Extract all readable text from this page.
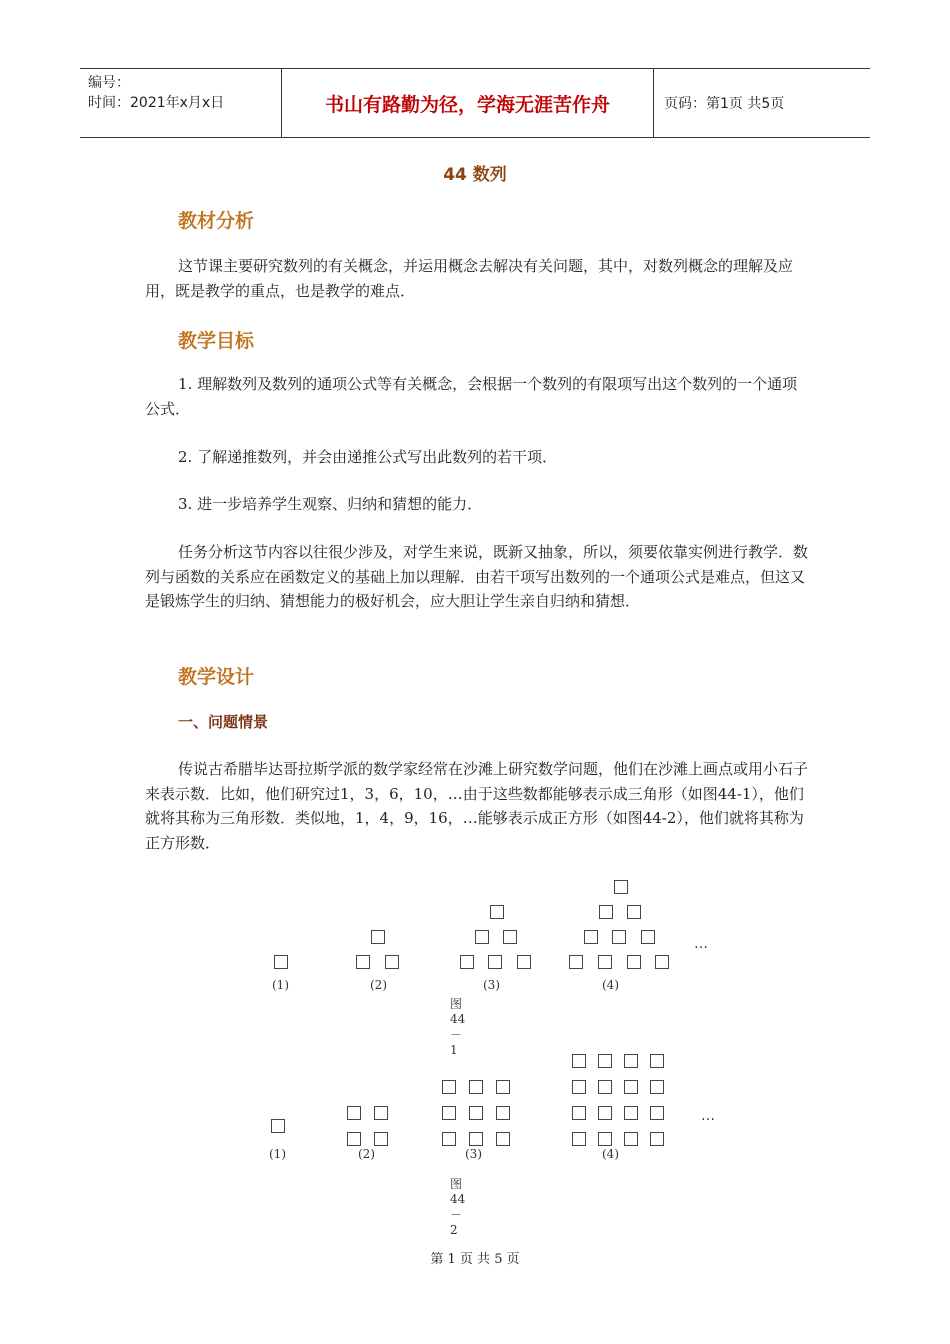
编号：
时间：2021年x月x日	书山有路勤为径，学海无涯苦作舟	页码：第1页 共5页
44 数列
教材分析
这节课主要研究数列的有关概念，并运用概念去解决有关问题，其中，对数列概念的理解及应用，既是教学的重点，也是教学的难点．
教学目标
1. 理解数列及数列的通项公式等有关概念，会根据一个数列的有限项写出这个数列的一个通项公式．
2. 了解递推数列，并会由递推公式写出此数列的若干项．
3. 进一步培养学生观察、归纳和猜想的能力．
任务分析这节内容以往很少涉及，对学生来说，既新又抽象，所以，须要依靠实例进行教学．数列与函数的关系应在函数定义的基础上加以理解．由若干项写出数列的一个通项公式是难点，但这又是锻炼学生的归纳、猜想能力的极好机会，应大胆让学生亲自归纳和猜想．
教学设计
一、问题情景
传说古希腊毕达哥拉斯学派的数学家经常在沙滩上研究数学问题，他们在沙滩上画点或用小石子来表示数．比如，他们研究过1，3，6，10，…由于这些数都能够表示成三角形（如图44-1），他们就将其称为三角形数．类似地，1，4，9，16，…能够表示成正方形（如图44-2），他们就将其称为正方形数．
…
(1)	(2)	(3)	(4)
图 44 － 1
…
(1)	(2)	(3)	(4)
图 44 － 2
第 1 页 共 5 页
